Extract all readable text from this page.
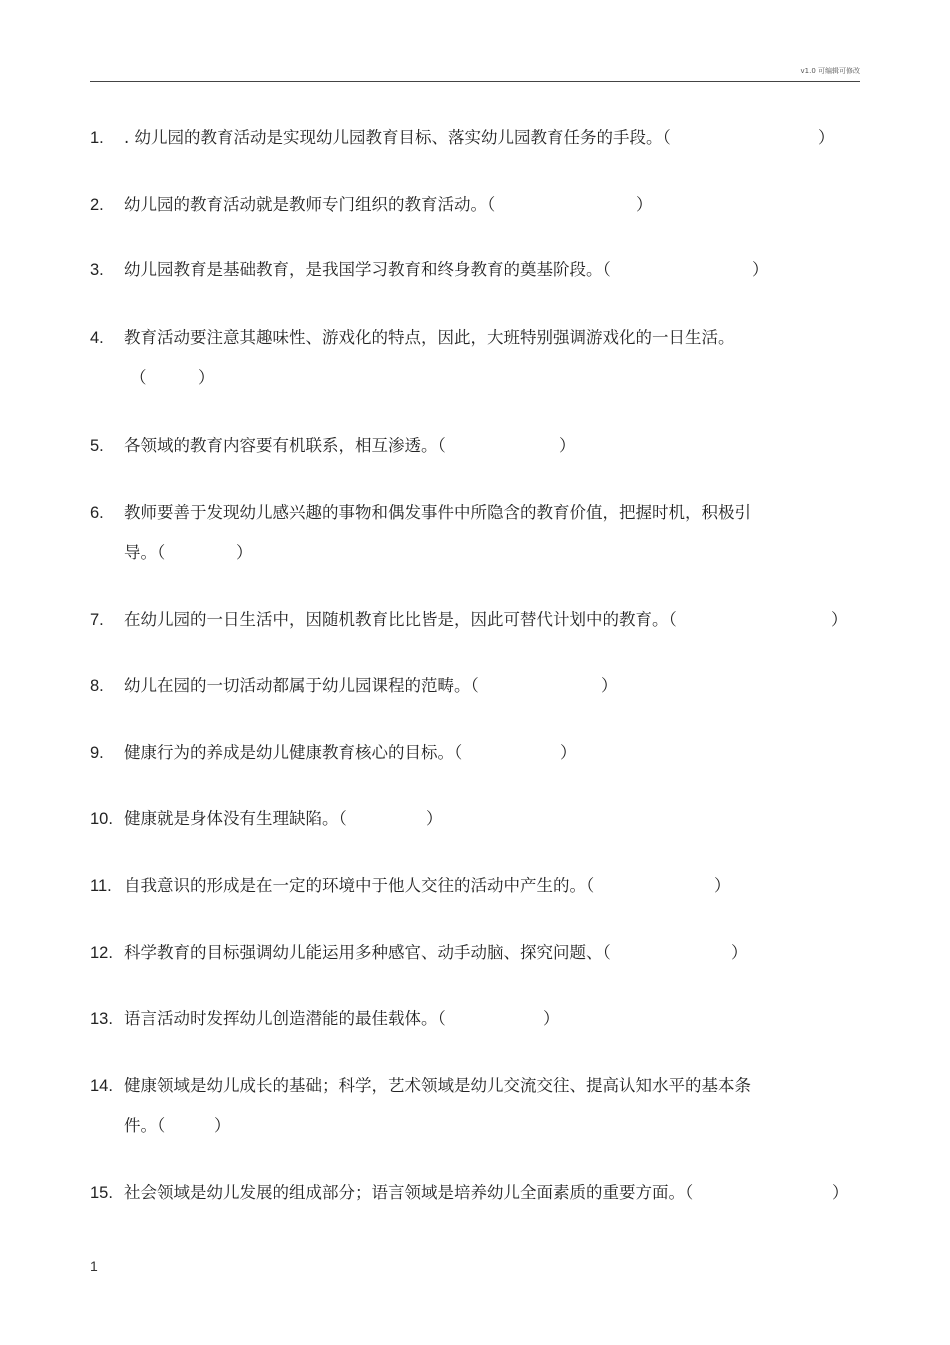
v1.0 可编辑可修改
1. . 幼儿园的教育活动是实现幼儿园教育目标、落实幼儿园教育任务的手段。（	）
2. 幼儿园的教育活动就是教师专门组织的教育活动。（	）
3. 幼儿园教育是基础教育，是我国学习教育和终身教育的奠基阶段。（	）
4. 教育活动要注意其趣味性、游戏化的特点，因此，大班特别强调游戏化的一日生活。
（	）
5. 各领域的教育内容要有机联系，相互渗透。（	）
6. 教师要善于发现幼儿感兴趣的事物和偶发事件中所隐含的教育价值，把握时机，积极引
导。（	）
7. 在幼儿园的一日生活中，因随机教育比比皆是，因此可替代计划中的教育。（	）
8. 幼儿在园的一切活动都属于幼儿园课程的范畴。（	）
9. 健康行为的养成是幼儿健康教育核心的目标。（	）
10. 健康就是身体没有生理缺陷。（	）
11. 自我意识的形成是在一定的环境中于他人交往的活动中产生的。（	）
12. 科学教育的目标强调幼儿能运用多种感官、动手动脑、探究问题、（	）
13. 语言活动时发挥幼儿创造潜能的最佳载体。（	）
14. 健康领域是幼儿成长的基础；科学，艺术领域是幼儿交流交往、提高认知水平的基本条
件。（	）
15. 社会领域是幼儿发展的组成部分；语言领域是培养幼儿全面素质的重要方面。（	）
1
